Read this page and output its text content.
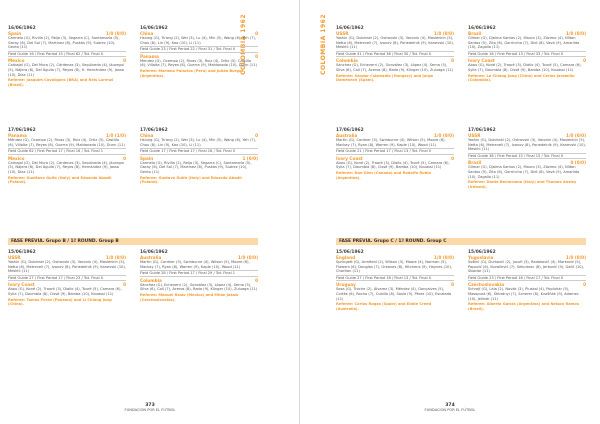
COLOMBIA 1962
373
FUNDACIÓN POR EL FÚTBOL
16/06/1962
Spain	1/0 (0/0)
Carmelo (G), Rivilla (2), Reija (3), Segarra (C), Santamaría (5), Garay (6), Del Sol (7), Martínez (8), Puskás (9), Suárez (10), Gento (11)
Field Guide 16 / First Period 15 / Final 62 / Tot. Final 0
Mexico	0
Carbajal (G), Del Muro (2), Cárdenas (3), Sepúlveda (4), Jáuregui (5), Nájera (6), Del Águila (7), Reyes (8), H. Hernández (9), Jasso (10), Díaz (11)
Referee: Joaquim Cavaligaro (BRA) and Reis Lorenzi (Brazil).
16/06/1962
China	0
Hsiung (G), Ts'ang (2), Wei (3), Lu (4), Min (5), Wang (6), Yeh (7), Chou (8), Lin (9), Kao (10), Li (11)
Field Guide 23 / First Period 22 / Final 31 / Tot. Final 0
Panama	0
Mendez (G), Ocampo (2), Rivas (3), Ruiz (4), Ortiz (5), Castillo (6), Villalta (7), Reyes (8), Guerra (9), Maldonado (10), Dunn (11)
Referee: Mariano Palacios (Peru) and Julián Burgos (Argentina).
17/06/1962
Panama	1/0 (1/0)
Méndez (G), Ocampo (2), Rivas (3), Ruiz (4), Ortiz (5), Castillo (6), Villalta (7), Reyes (8), Guerra (9), Maldonado (10), Dunn (11)
Field Guide 62 / First Period 17 / Final 16 / Tot. Final 1
Mexico	0
Carbajal (G), Del Muro (2), Cárdenas (3), Sepúlveda (4), Jáuregui (5), Nájera (6), Del Águila (7), Reyes (8), Hernández (9), Jasso (10), Díaz (11)
Referee: Gusttavo Gulfo (Italy) and Eduardo Abadil (Poland).
17/06/1962
China	0
Hsiung (G), Ts'ang (2), Wei (3), Lu (4), Min (5), Wang (6), Yeh (7), Chou (8), Lin (9), Kao (10), Li (11)
Field Guide 17 / First Period 17 / Final 16 / Tot. Final 0
Spain	1 (0/0)
Carmelo (G), Rivilla (2), Reija (3), Segarra (C), Santamaría (5), Garay (6), Del Sol (7), Martínez (8), Puskás (9), Suárez (10), Gento (11)
Referee: Gustavo Gulfo (Italy) and Eduardo Abadil (Poland).
FASE PREVIA. Grupo B / 1ª ROUND. Group B
15/06/1962
USSR	1/0 (0/0)
Yashin (G), Dubinski (2), Ostrovski (3), Voronin (4), Maslenkin (5), Netto (6), Metreveli (7), Ivanov (8), Ponedelnik (9), Kanevski (10), Meskhi (11)
Field Guide 27 / First Period 17 / Final 23 / Tot. Final 0
Ivory Coast	0
Abou (G), Koné (2), Traoré (3), Diallo (4), Touré (5), Camara (6), Sylla (7), Doumbia (8), Cissé (9), Bamba (10), Kouassi (11)
Referee: Tomas Perez (Panama) and Li Chiang Jung (China).
16/06/1962
Australia	1/0 (0/0)
Martin (G), Cordner (3), Swinburne (4), Wilson (5), Moore (6), Mackay (7), Ryan (8), Warren (9), Kaple (10), Wood (11)
Field Guide 28 / First Period 17 / Final 29 / Tot. Final 1
Colombia	0
Sánchez (G), Echeverri (2), González (3), López (4), Serna (5), Silva (6), Coll (7), Aceros (8), Rada (9), Klinger (10), Zuluaga (11)
Referee: Manuel Rosio (Mexico) and Milan Jakub (Czechoslovakia).
COLOMBIA 1962
374
FUNDACIÓN POR EL FÚTBOL
16/06/1962
USSR	1/0 (0/0)
Yashin (G), Dubinski (2), Ostrovski (3), Voronin (4), Maslenkin (5), Netto (6), Metreveli (7), Ivanov (8), Ponedelnik (9), Kanevski (10), Meskhi (11)
Field Guide 41 / First Period 36 / Final 30 / Tot. Final 0
Colombia	0
Sánchez (G), Echeverri (2), González (3), López (4), Serna (5), Silva (6), Coll (7), Aceros (8), Rada (9), Klinger (10), Zuluaga (11)
Referee: Sándor Csizmadia (Hungary) and Jorge Doménech (Spain).
16/06/1962
Brazil	1/0 (0/0)
Gilmar (G), Djalma Santos (2), Mauro (3), Zózimo (4), Nílton Santos (5), Zito (6), Garrincha (7), Didi (8), Vavá (9), Amarildo (10), Zagallo (11)
Field Guide 16 / First Period 13 / Final 33 / Tot. Final 0
Ivory Coast	0
Abou (G), Koné (2), Traoré (3), Diallo (4), Touré (5), Camara (6), Sylla (7), Doumbia (8), Cissé (9), Bamba (10), Kouassi (11)
Referee: Le Chiang Jung (China) and Carlos Jaramillo (Colombia).
17/06/1962
Australia	1/0 (0/0)
Martin (G), Cordner (3), Swinburne (4), Wilson (5), Moore (6), Mackay (7), Ryan (8), Warren (9), Kaple (10), Wood (11)
Field Guide 21 / First Period 17 / Final 13 / Tot. Final 0
Ivory Coast	0
Abou (G), Koné (2), Traoré (3), Diallo (4), Touré (5), Camara (6), Sylla (7), Doumbia (8), Cissé (9), Bamba (10), Kouassi (11)
Referee: Dan Glen (Canada) and Rodolfo Rubio (Argentina).
17/06/1962
USSR	1/0 (0/0)
Yashin (G), Dubinski (2), Ostrovski (3), Voronin (4), Maslenkin (5), Netto (6), Metreveli (7), Ivanov (8), Ponedelnik (9), Kanevski (10), Meskhi (11)
Field Guide 38 / First Period 15 / Final 15 / Tot. Final 0
Brazil	0 (0/0)
Gilmar (G), Djalma Santos (2), Mauro (3), Zózimo (4), Nílton Santos (5), Zito (6), Garrincha (7), Didi (8), Vavá (9), Amarildo (10), Zagallo (11)
Referee: Dante Beniocomo (Italy) and Thomas Ansley (Ireland).
FASE PREVIA. Grupo C / 1ª ROUND. Group C
15/06/1962
England	1/0 (0/0)
Springett (G), Armfield (2), Wilson (3), Moore (4), Norman (5), Flowers (6), Douglas (7), Greaves (8), Hitchens (9), Haynes (10), Charlton (11)
Field Guide 27 / First Period 18 / Final 13 / Tot. Final 0
Uruguay	0
Sosa (G), Troche (2), Álvarez (3), Méndez (4), Gonçalves (5), Cortés (6), Rocha (7), Cubilla (8), Sasía (9), Pérez (10), Escalada (11)
Referee: Carlos Rogas (Spain) and Eddie Creed (Australia).
15/06/1962
Yugoslavia	1/0 (0/0)
Šoškić (G), Durković (2), Jusufi (3), Radaković (4), Marković (5), Popović (6), Kovačević (7), Sekularac (8), Jerković (9), Galić (10), Skoblar (11)
Field Guide 23 / First Period 16 / Final 17 / Tot. Final 0
Czechoslovakia	0
Schrojf (G), Lála (2), Novák (3), Pluskal (4), Popluhár (5), Masopust (6), Štibrányi (7), Scherer (8), Kvašňák (9), Adamec (10), Jelínek (11)
Referee: Alberto Garcia (Argentina) and Nelson Ramos (Brazil).
